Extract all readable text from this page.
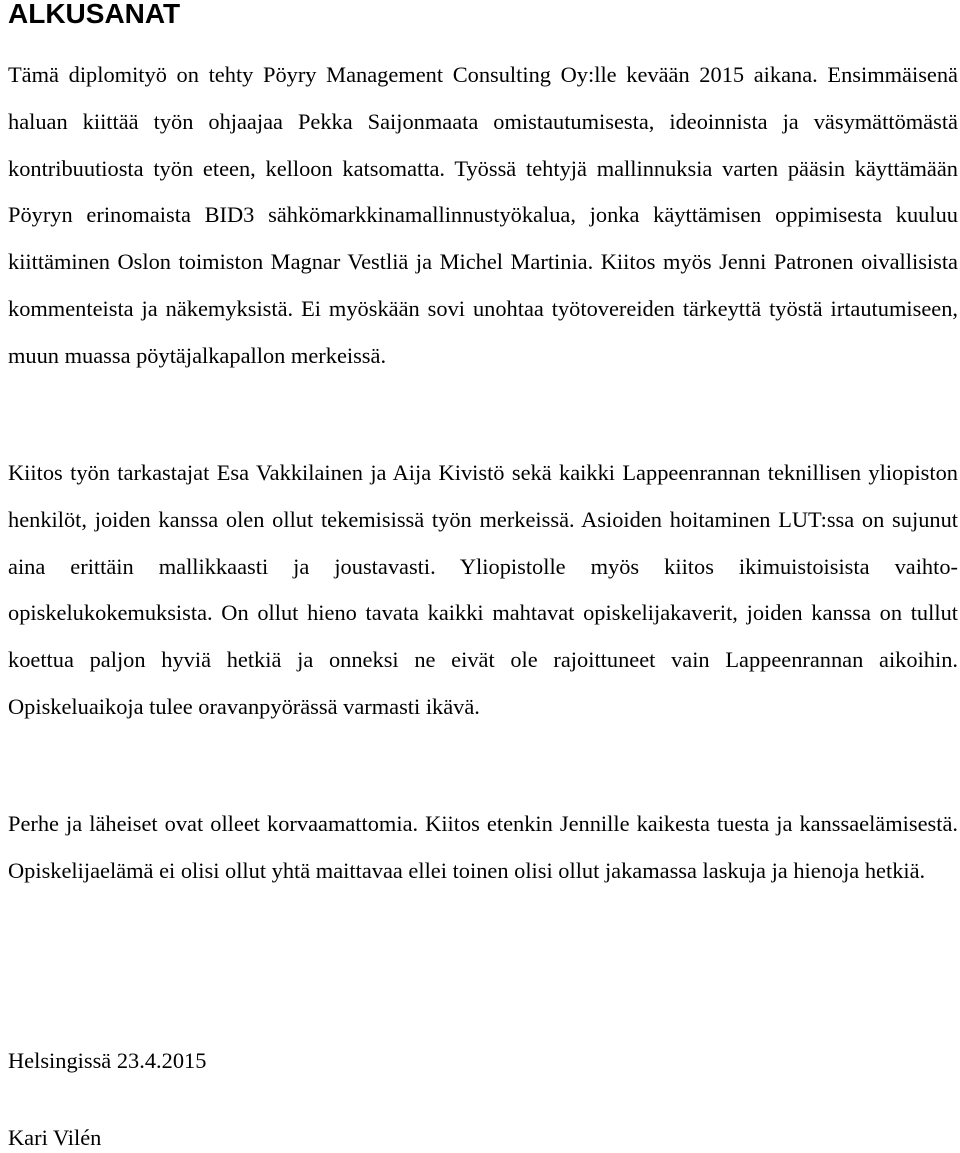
ALKUSANAT

Tämä diplomityö on tehty Pöyry Management Consulting Oy:lle kevään 2015 aikana. Ensimmäisenä haluan kiittää työn ohjaajaa Pekka Saijonmaata omistautumisesta, ideoinnista ja väsymättömästä kontribuutiosta työn eteen, kelloon katsomatta. Työssä tehtyjä mallinnuksia varten pääsin käyttämään Pöyryn erinomaista BID3 sähkömarkkinamallinnustyökalua, jonka käyttämisen oppimisesta kuuluu kiittäminen Oslon toimiston Magnar Vestliä ja Michel Martinia. Kiitos myös Jenni Patronen oivallisista kommenteista ja näkemyksistä. Ei myöskään sovi unohtaa työtovereiden tärkeyttä työstä irtautumiseen, muun muassa pöytäjalkapallon merkeissä.

Kiitos työn tarkastajat Esa Vakkilainen ja Aija Kivistö sekä kaikki Lappeenrannan teknillisen yliopiston henkilöt, joiden kanssa olen ollut tekemisissä työn merkeissä. Asioiden hoitaminen LUT:ssa on sujunut aina erittäin mallikkaasti ja joustavasti. Yliopistolle myös kiitos ikimuistoisista vaihto-opiskelukokemuksista. On ollut hieno tavata kaikki mahtavat opiskelijakaverit, joiden kanssa on tullut koettua paljon hyviä hetkiä ja onneksi ne eivät ole rajoittuneet vain Lappeenrannan aikoihin. Opiskeluaikoja tulee oravanpyörässä varmasti ikävä.

Perhe ja läheiset ovat olleet korvaamattomia. Kiitos etenkin Jennille kaikesta tuesta ja kanssaelämisestä. Opiskelijaelämä ei olisi ollut yhtä maittavaa ellei toinen olisi ollut jakamassa laskuja ja hienoja hetkiä.

Helsingissä 23.4.2015

Kari Vilén
